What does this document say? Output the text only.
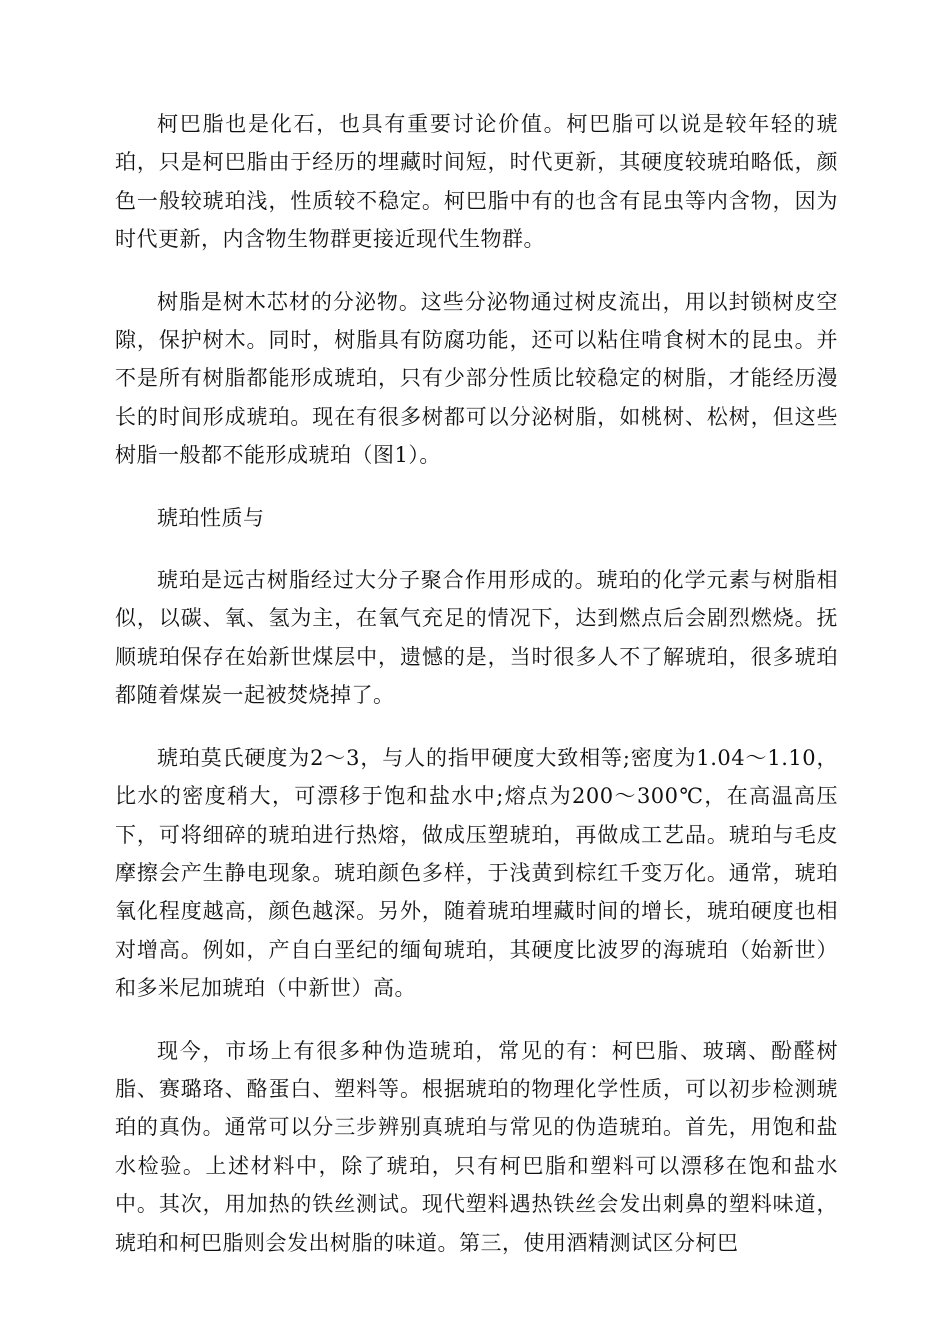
柯巴脂也是化石，也具有重要讨论价值。柯巴脂可以说是较年轻的琥珀，只是柯巴脂由于经历的埋藏时间短，时代更新，其硬度较琥珀略低，颜色一般较琥珀浅，性质较不稳定。柯巴脂中有的也含有昆虫等内含物，因为时代更新，内含物生物群更接近现代生物群。

树脂是树木芯材的分泌物。这些分泌物通过树皮流出，用以封锁树皮空隙，保护树木。同时，树脂具有防腐功能，还可以粘住啃食树木的昆虫。并不是所有树脂都能形成琥珀，只有少部分性质比较稳定的树脂，才能经历漫长的时间形成琥珀。现在有很多树都可以分泌树脂，如桃树、松树，但这些树脂一般都不能形成琥珀（图1）。

琥珀性质与

琥珀是远古树脂经过大分子聚合作用形成的。琥珀的化学元素与树脂相似，以碳、氧、氢为主，在氧气充足的情况下，达到燃点后会剧烈燃烧。抚顺琥珀保存在始新世煤层中，遗憾的是，当时很多人不了解琥珀，很多琥珀都随着煤炭一起被焚烧掉了。

琥珀莫氏硬度为2～3，与人的指甲硬度大致相等;密度为1.04～1.10，比水的密度稍大，可漂移于饱和盐水中;熔点为200～300℃，在高温高压下，可将细碎的琥珀进行热熔，做成压塑琥珀，再做成工艺品。琥珀与毛皮摩擦会产生静电现象。琥珀颜色多样，于浅黄到棕红千变万化。通常，琥珀氧化程度越高，颜色越深。另外，随着琥珀埋藏时间的增长，琥珀硬度也相对增高。例如，产自白垩纪的缅甸琥珀，其硬度比波罗的海琥珀（始新世）和多米尼加琥珀（中新世）高。

现今，市场上有很多种伪造琥珀，常见的有：柯巴脂、玻璃、酚醛树脂、赛璐珞、酪蛋白、塑料等。根据琥珀的物理化学性质，可以初步检测琥珀的真伪。通常可以分三步辨别真琥珀与常见的伪造琥珀。首先，用饱和盐水检验。上述材料中，除了琥珀，只有柯巴脂和塑料可以漂移在饱和盐水中。其次，用加热的铁丝测试。现代塑料遇热铁丝会发出刺鼻的塑料味道，琥珀和柯巴脂则会发出树脂的味道。第三，使用酒精测试区分柯巴
